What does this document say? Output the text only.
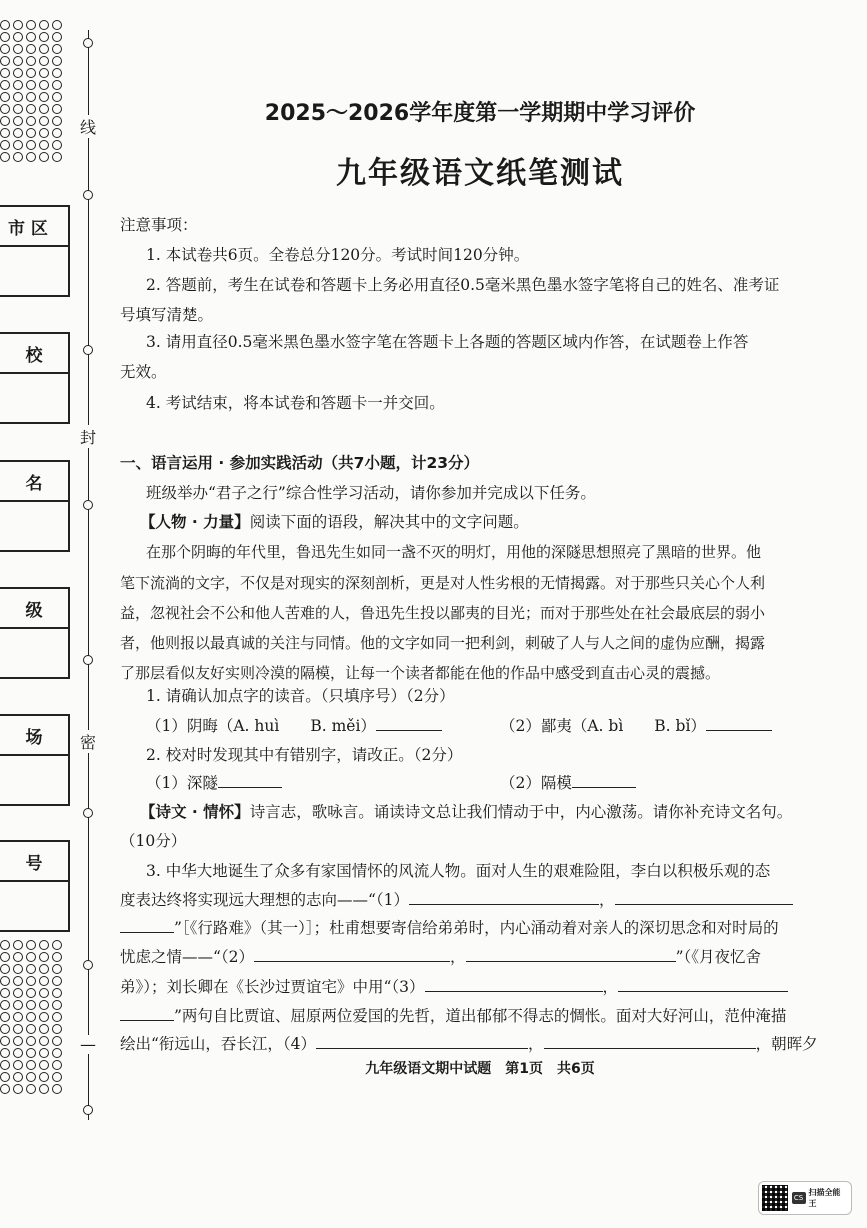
线
封
密
—
市 区
校
名
级
场
号
2025～2026学年度第一学期期中学习评价
九年级语文纸笔测试
注意事项：
1. 本试卷共6页。全卷总分120分。考试时间120分钟。
2. 答题前，考生在试卷和答题卡上务必用直径0.5毫米黑色墨水签字笔将自己的姓名、准考证
号填写清楚。
3. 请用直径0.5毫米黑色墨水签字笔在答题卡上各题的答题区域内作答，在试题卷上作答
无效。
4. 考试结束，将本试卷和答题卡一并交回。
一、语言运用 · 参加实践活动（共7小题，计23分）
班级举办“君子之行”综合性学习活动，请你参加并完成以下任务。
【人物 · 力量】阅读下面的语段，解决其中的文字问题。
在那个阴晦的年代里，鲁迅先生如同一盏不灭的明灯，用他的深隧思想照亮了黑暗的世界。他
笔下流淌的文字，不仅是对现实的深刻剖析，更是对人性劣根的无情揭露。对于那些只关心个人利
益，忽视社会不公和他人苦难的人，鲁迅先生投以鄙夷的目光；而对于那些处在社会最底层的弱小
者，他则报以最真诚的关注与同情。他的文字如同一把利剑，刺破了人与人之间的虚伪应酬，揭露
了那层看似友好实则冷漠的隔模，让每一个读者都能在他的作品中感受到直击心灵的震撼。
1. 请确认加点字的读音。（只填序号）（2分）
（1）阴晦（A. huì　　B. měi）	（2）鄙夷（A. bì　　B. bǐ）
2. 校对时发现其中有错别字，请改正。（2分）
（1）深隧	（2）隔模
【诗文 · 情怀】诗言志，歌咏言。诵读诗文总让我们情动于中，内心激荡。请你补充诗文名句。
（10分）
3. 中华大地诞生了众多有家国情怀的风流人物。面对人生的艰难险阻，李白以积极乐观的态
度表达终将实现远大理想的志向——“（1）	，
”［《行路难》（其一）］；杜甫想要寄信给弟弟时，内心涌动着对亲人的深切思念和对时局的
忧虑之情——“（2）	，	”（《月夜忆舍
弟》）；刘长卿在《长沙过贾谊宅》中用“（3）	，
”两句自比贾谊、屈原两位爱国的先哲，道出郁郁不得志的惆怅。面对大好河山，范仲淹描
绘出“衔远山，吞长江，（4）	，	，朝晖夕
九年级语文期中试题　第1页　共6页
CS
扫描全能王
